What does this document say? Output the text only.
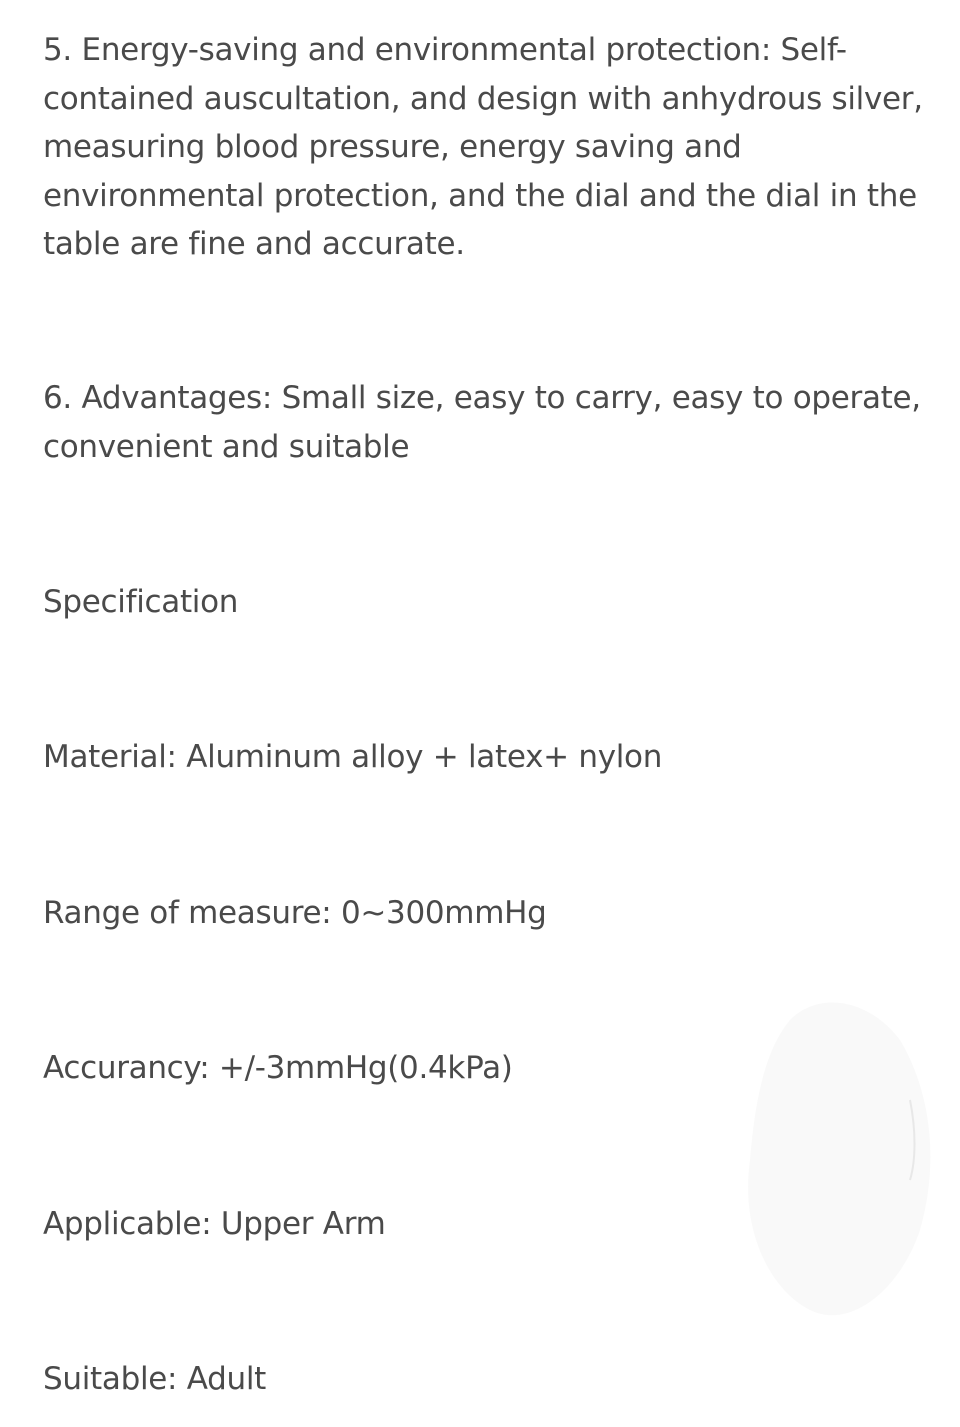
5. Energy-saving and environmental protection: Self-contained auscultation, and design with anhydrous silver, measuring blood pressure, energy saving and environmental protection, and the dial and the dial in the table are fine and accurate.

6. Advantages: Small size, easy to carry, easy to operate, convenient and suitable

Specification

Material: Aluminum alloy + latex+ nylon

Range of measure: 0~300mmHg

Accurancy: +/-3mmHg(0.4kPa)

Applicable: Upper Arm

Suitable: Adult
